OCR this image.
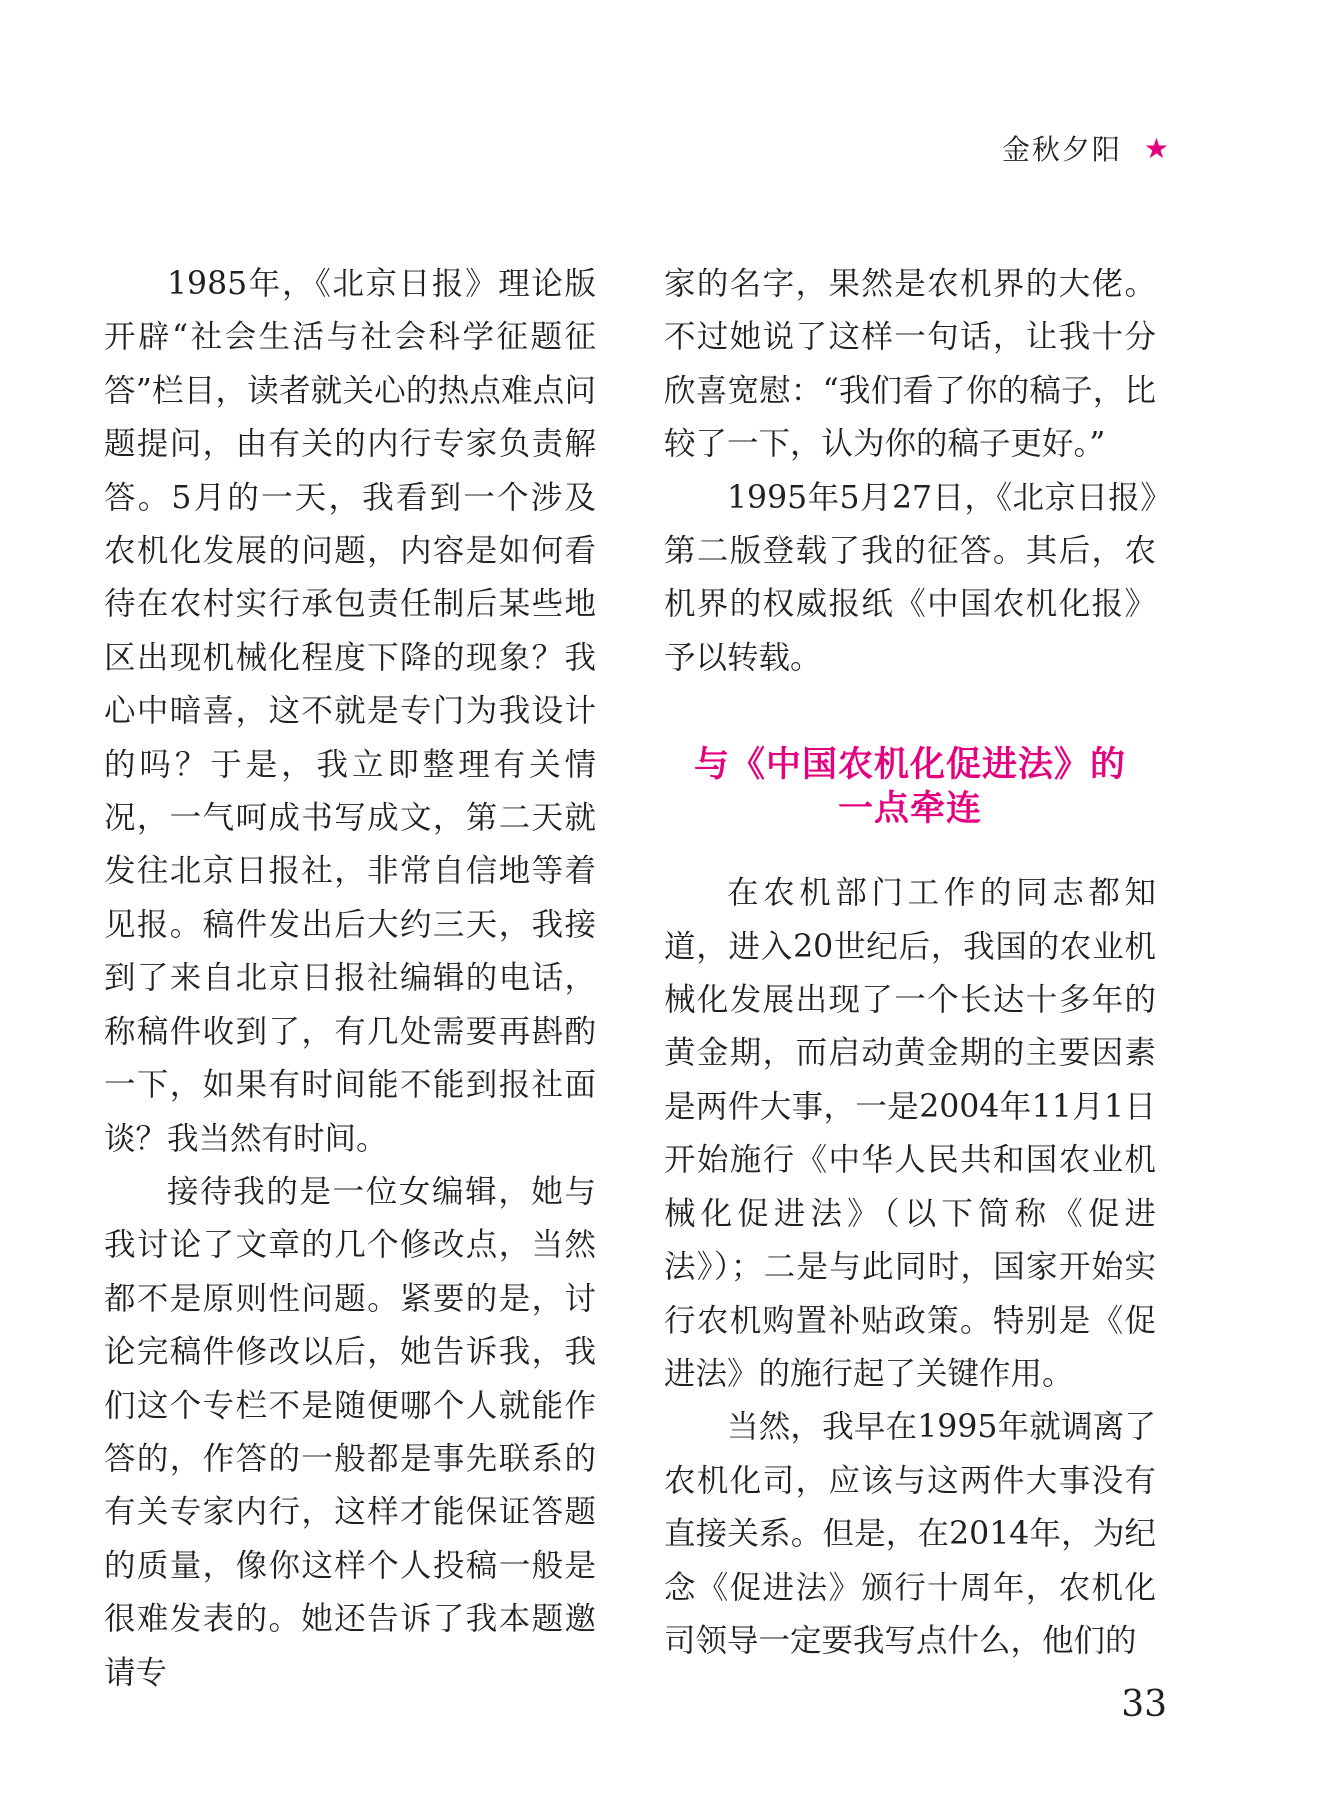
金秋夕阳 ★

1985年，《北京日报》理论版开辟“社会生活与社会科学征题征答”栏目，读者就关心的热点难点问题提问，由有关的内行专家负责解答。5月的一天，我看到一个涉及农机化发展的问题，内容是如何看待在农村实行承包责任制后某些地区出现机械化程度下降的现象？我心中暗喜，这不就是专门为我设计的吗？于是，我立即整理有关情况，一气呵成书写成文，第二天就发往北京日报社，非常自信地等着见报。稿件发出后大约三天，我接到了来自北京日报社编辑的电话，称稿件收到了，有几处需要再斟酌一下，如果有时间能不能到报社面谈？我当然有时间。

接待我的是一位女编辑，她与我讨论了文章的几个修改点，当然都不是原则性问题。紧要的是，讨论完稿件修改以后，她告诉我，我们这个专栏不是随便哪个人就能作答的，作答的一般都是事先联系的有关专家内行，这样才能保证答题的质量，像你这样个人投稿一般是很难发表的。她还告诉了我本题邀请专

家的名字，果然是农机界的大佬。不过她说了这样一句话，让我十分欣喜宽慰：“我们看了你的稿子，比较了一下，认为你的稿子更好。”

1995年5月27日，《北京日报》第二版登载了我的征答。其后，农机界的权威报纸《中国农机化报》予以转载。

与《中国农机化促进法》的
一点牵连

在农机部门工作的同志都知道，进入20世纪后，我国的农业机械化发展出现了一个长达十多年的黄金期，而启动黄金期的主要因素是两件大事，一是2004年11月1日开始施行《中华人民共和国农业机械化促进法》（以下简称《促进法》）；二是与此同时，国家开始实行农机购置补贴政策。特别是《促进法》的施行起了关键作用。

当然，我早在1995年就调离了农机化司，应该与这两件大事没有直接关系。但是，在2014年，为纪念《促进法》颁行十周年，农机化司领导一定要我写点什么，他们的

33
